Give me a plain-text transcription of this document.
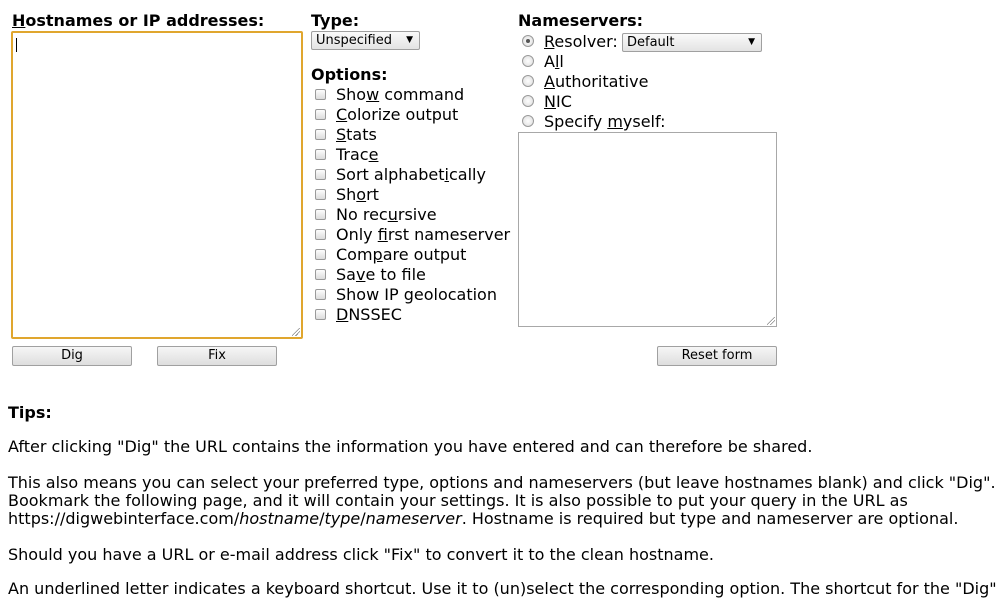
Hostnames or IP addresses:
Dig	Fix
Type:
Unspecified ▼
Options:
Show command
Colorize output
Stats
Trace
Sort alphabetically
Short
No recursive
Only first nameserver
Compare output
Save to file
Show IP geolocation
DNSSEC
Nameservers:
Resolver:
All
Authoritative
NIC
Specify myself:
Default	▼
Reset form
Tips:
After clicking "Dig" the URL contains the information you have entered and can therefore be shared.
This also means you can select your preferred type, options and nameservers (but leave hostnames blank) and click "Dig".
Bookmark the following page, and it will contain your settings. It is also possible to put your query in the URL as
https://digwebinterface.com/hostname/type/nameserver. Hostname is required but type and nameserver are optional.
Should you have a URL or e-mail address click "Fix" to convert it to the clean hostname.
An underlined letter indicates a keyboard shortcut. Use it to (un)select the corresponding option. The shortcut for the "Dig"
